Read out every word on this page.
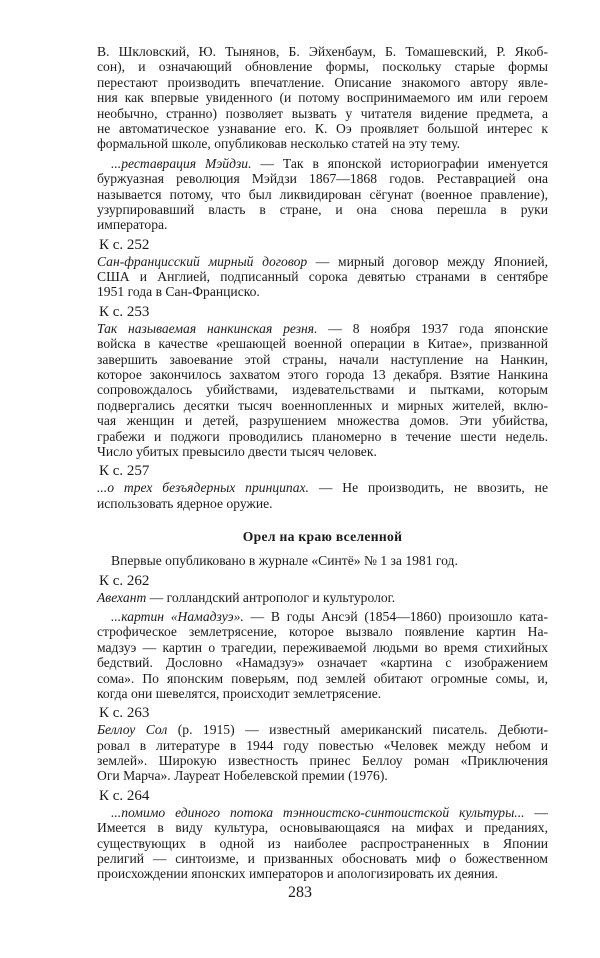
В. Шкловский, Ю. Тынянов, Б. Эйхенбаум, Б. Томашевский, Р. Якоб-
сон), и означающий обновление формы, поскольку старые формы
перестают производить впечатление. Описание знакомого автору явле-
ния как впервые увиденного (и потому воспринимаемого им или героем
необычно, странно) позволяет вызвать у читателя видение предмета, а
не автоматическое узнавание его. К. Оэ проявляет большой интерес к
формальной школе, опубликовав несколько статей на эту тему.
...реставрация Мэйдзи. — Так в японской историографии именуется
буржуазная революция Мэйдзи 1867—1868 годов. Реставрацией она
называется потому, что был ликвидирован сёгунат (военное правление),
узурпировавший власть в стране, и она снова перешла в руки
императора.
К с. 252
Сан-францисский мирный договор — мирный договор между Японией,
США и Англией, подписанный сорока девятью странами в сентябре
1951 года в Сан-Франциско.
К с. 253
Так называемая нанкинская резня. — 8 ноября 1937 года японские
войска в качестве «решающей военной операции в Китае», призванной
завершить завоевание этой страны, начали наступление на Нанкин,
которое закончилось захватом этого города 13 декабря. Взятие Нанкина
сопровождалось убийствами, издевательствами и пытками, которым
подвергались десятки тысяч военнопленных и мирных жителей, вклю-
чая женщин и детей, разрушением множества домов. Эти убийства,
грабежи и поджоги проводились планомерно в течение шести недель.
Число убитых превысило двести тысяч человек.
К с. 257
...о трех безъядерных принципах. — Не производить, не ввозить, не
использовать ядерное оружие.
Орел на краю вселенной
Впервые опубликовано в журнале «Синтё» № 1 за 1981 год.
К с. 262
Авехант — голландский антрополог и культуролог.
...картин «Намадзуэ». — В годы Ансэй (1854—1860) произошло ката-
строфическое землетрясение, которое вызвало появление картин На-
мадзуэ — картин о трагедии, переживаемой людьми во время стихийных
бедствий. Дословно «Намадзуэ» означает «картина с изображением
сома». По японским поверьям, под землей обитают огромные сомы, и,
когда они шевелятся, происходит землетрясение.
К с. 263
Беллоу Сол (р. 1915) — известный американский писатель. Дебюти-
ровал в литературе в 1944 году повестью «Человек между небом и
землей». Широкую известность принес Беллоу роман «Приключения
Оги Марча». Лауреат Нобелевской премии (1976).
К с. 264
...помимо единого потока тэнноистско-синтоистской культуры... —
Имеется в виду культура, основывающаяся на мифах и преданиях,
существующих в одной из наиболее распространенных в Японии
религий — синтоизме, и призванных обосновать миф о божественном
происхождении японских императоров и апологизировать их деяния.
283
